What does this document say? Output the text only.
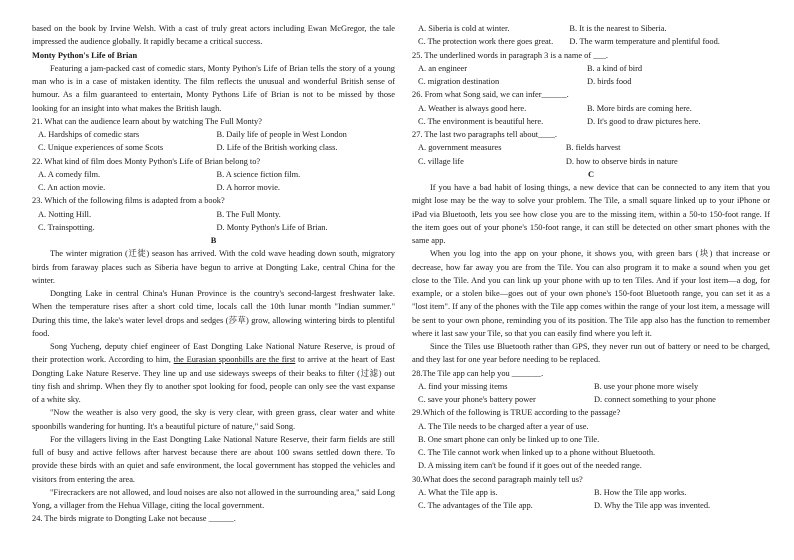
based on the book by Irvine Welsh. With a cast of truly great actors including Ewan McGregor, the tale impressed the audience globally. It rapidly became a critical success.

Monty Python's Life of Brian

Featuring a jam-packed cast of comedic stars, Monty Python's Life of Brian tells the story of a young man who is in a case of mistaken identity. The film reflects the unusual and wonderful British sense of humour. As a film guaranteed to entertain, Monty Pythons Life of Brian is not to be missed by those looking for an insight into what makes the British laugh.

21. What can the audience learn about by watching The Full Monty?

A. Hardships of comedic stars	B. Daily life of people in West London
C. Unique experiences of some Scots	D. Life of the British working class.

22. What kind of film does Monty Python's Life of Brian belong to?

A. A comedy film.	B. A science fiction film.
C. An action movie.	D. A horror movie.

23. Which of the following films is adapted from a book?

A. Notting Hill.	B. The Full Monty.
C. Trainspotting.	D. Monty Python's Life of Brian.

B

The winter migration (迁徙) season has arrived. With the cold wave heading down south, migratory birds from faraway places such as Siberia have begun to arrive at Dongting Lake, central China for the winter.

Dongting Lake in central China's Hunan Province is the country's second-largest freshwater lake. When the temperature rises after a short cold time, locals call the 10th lunar month "Indian summer." During this time, the lake's water level drops and sedges (莎草) grow, allowing wintering birds to plentiful food.

Song Yucheng, deputy chief engineer of East Dongting Lake National Nature Reserve, is proud of their protection work. According to him, the Eurasian spoonbills are the first to arrive at the heart of East Dongting Lake Nature Reserve. They line up and use sideways sweeps of their beaks to filter (过滤) out tiny fish and shrimp. When they fly to another spot looking for food, people can only see the vast expanse of a white sky.

"Now the weather is also very good, the sky is very clear, with green grass, clear water and white spoonbills wandering for hunting. It's a beautiful picture of nature," said Song.

For the villagers living in the East Dongting Lake National Nature Reserve, their farm fields are still full of busy and active fellows after harvest because there are about 100 swans settled down there. To provide these birds with an quiet and safe environment, the local government has stopped the vehicles and visitors from entering the area.

"Firecrackers are not allowed, and loud noises are also not allowed in the surrounding area," said Long Yong, a villager from the Hehua Village, citing the local government.

24. The birds migrate to Dongting Lake not because ______.

A. Siberia is cold at winter.	B. It is the nearest to Siberia.
C. The protection work there goes great.	D. The warm temperature and plentiful food.

25. The underlined words in paragraph 3 is a name of ___.

A. an engineer	B. a kind of bird
C. migration destination	D. birds food

26. From what Song said, we can infer______.

A. Weather is always good here.	B. More birds are coming here.
C. The environment is beautiful here.	D. It's good to draw pictures here.

27. The last two paragraphs tell about____.

A. government measures	B. fields harvest
C. village life	D. how to observe birds in nature

C

If you have a bad habit of losing things, a new device that can be connected to any item that you might lose may be the way to solve your problem. The Tile, a small square linked up to your iPhone or iPad via Bluetooth, lets you see how close you are to the missing item, within a 50-to 150-foot range. If the item goes out of your phone's 150-foot range, it can still be detected on other smart phones with the same app.

When you log into the app on your phone, it shows you, with green bars (块) that increase or decrease, how far away you are from the Tile. You can also program it to make a sound when you get close to the Tile. And you can link up your phone with up to ten Tiles. And if your lost item—a dog, for example, or a stolen bike—goes out of your own phone's 150-foot Bluetooth range, you can set it as a "lost item". If any of the phones with the Tile app comes within the range of your lost item, a message will be sent to your own phone, reminding you of its position. The Tile app also has the function to remember where it last saw your Tile, so that you can easily find where you left it.

Since the Tiles use Bluetooth rather than GPS, they never run out of battery or need to be charged, and they last for one year before needing to be replaced.

28.The Tile app can help you _______.

A. find your missing items	B. use your phone more wisely
C. save your phone's battery power	D. connect something to your phone

29.Which of the following is TRUE according to the passage?

A. The Tile needs to be charged after a year of use.
B. One smart phone can only be linked up to one Tile.
C. The Tile cannot work when linked up to a phone without Bluetooth.
D. A missing item can't be found if it goes out of the needed range.

30.What does the second paragraph mainly tell us?

A. What the Tile app is.	B. How the Tile app works.
C. The advantages of the Tile app.	D. Why the Tile app was invented.
